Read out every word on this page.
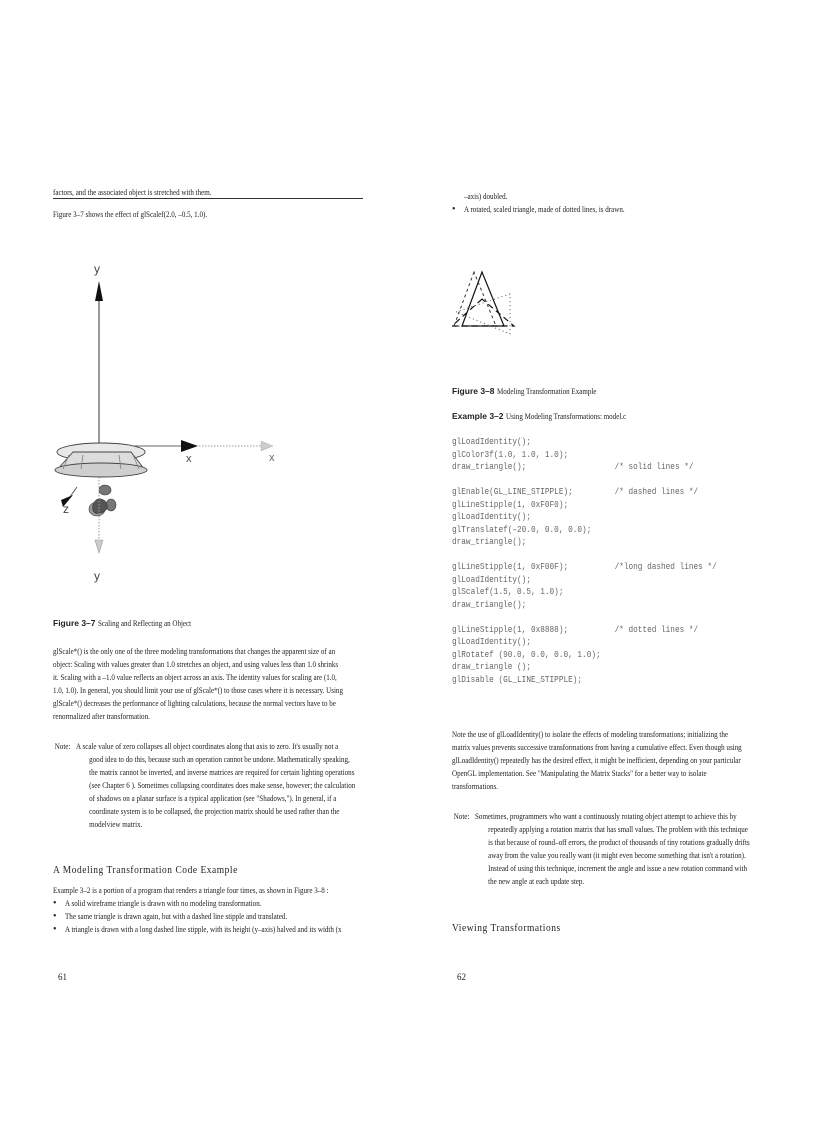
factors, and the associated object is stretched with them.
Figure 3–7 shows the effect of glScalef(2.0, –0.5, 1.0).
y
x	x
z
y
Figure 3–7 Scaling and Reflecting an Object
glScale*() is the only one of the three modeling transformations that changes the apparent size of an
object: Scaling with values greater than 1.0 stretches an object, and using values less than 1.0 shrinks
it. Scaling with a –1.0 value reflects an object across an axis. The identity values for scaling are (1.0,
1.0, 1.0). In general, you should limit your use of glScale*() to those cases where it is necessary. Using
glScale*() decreases the performance of lighting calculations, because the normal vectors have to be
renormalized after transformation.
Note: A scale value of zero collapses all object coordinates along that axis to zero. It's usually not a
good idea to do this, because such an operation cannot be undone. Mathematically speaking,
the matrix cannot be inverted, and inverse matrices are required for certain lighting operations
(see Chapter 6 ). Sometimes collapsing coordinates does make sense, however; the calculation
of shadows on a planar surface is a typical application (see "Shadows,"). In general, if a
coordinate system is to be collapsed, the projection matrix should be used rather than the
modelview matrix.
A Modeling Transformation Code Example
Example 3–2 is a portion of a program that renders a triangle four times, as shown in Figure 3–8 :
• A solid wireframe triangle is drawn with no modeling transformation.
• The same triangle is drawn again, but with a dashed line stipple and translated.
• A triangle is drawn with a long dashed line stipple, with its height (y–axis) halved and its width (x
61
–axis) doubled.
• A rotated, scaled triangle, made of dotted lines, is drawn.
Figure 3–8 Modeling Transformation Example
Example 3–2 Using Modeling Transformations: model.c
glLoadIdentity();
glColor3f(1.0, 1.0, 1.0);
draw_triangle();                   /* solid lines */

glEnable(GL_LINE_STIPPLE);         /* dashed lines */
glLineStipple(1, 0xF0F0);
glLoadIdentity();
glTranslatef(–20.0, 0.0, 0.0);
draw_triangle();

glLineStipple(1, 0xF00F);          /*long dashed lines */
glLoadIdentity();
glScalef(1.5, 0.5, 1.0);
draw_triangle();

glLineStipple(1, 0x8888);          /* dotted lines */
glLoadIdentity();
glRotatef (90.0, 0.0, 0.0, 1.0);
draw_triangle ();
glDisable (GL_LINE_STIPPLE);
Note the use of glLoadIdentity() to isolate the effects of modeling transformations; initializing the
matrix values prevents successive transformations from having a cumulative effect. Even though using
glLoadIdentity() repeatedly has the desired effect, it might be inefficient, depending on your particular
OpenGL implementation. See "Manipulating the Matrix Stacks" for a better way to isolate
transformations.
Note: Sometimes, programmers who want a continuously rotating object attempt to achieve this by
repeatedly applying a rotation matrix that has small values. The problem with this technique
is that because of round–off errors, the product of thousands of tiny rotations gradually drifts
away from the value you really want (it might even become something that isn't a rotation).
Instead of using this technique, increment the angle and issue a new rotation command with
the new angle at each update step.
Viewing Transformations
62
